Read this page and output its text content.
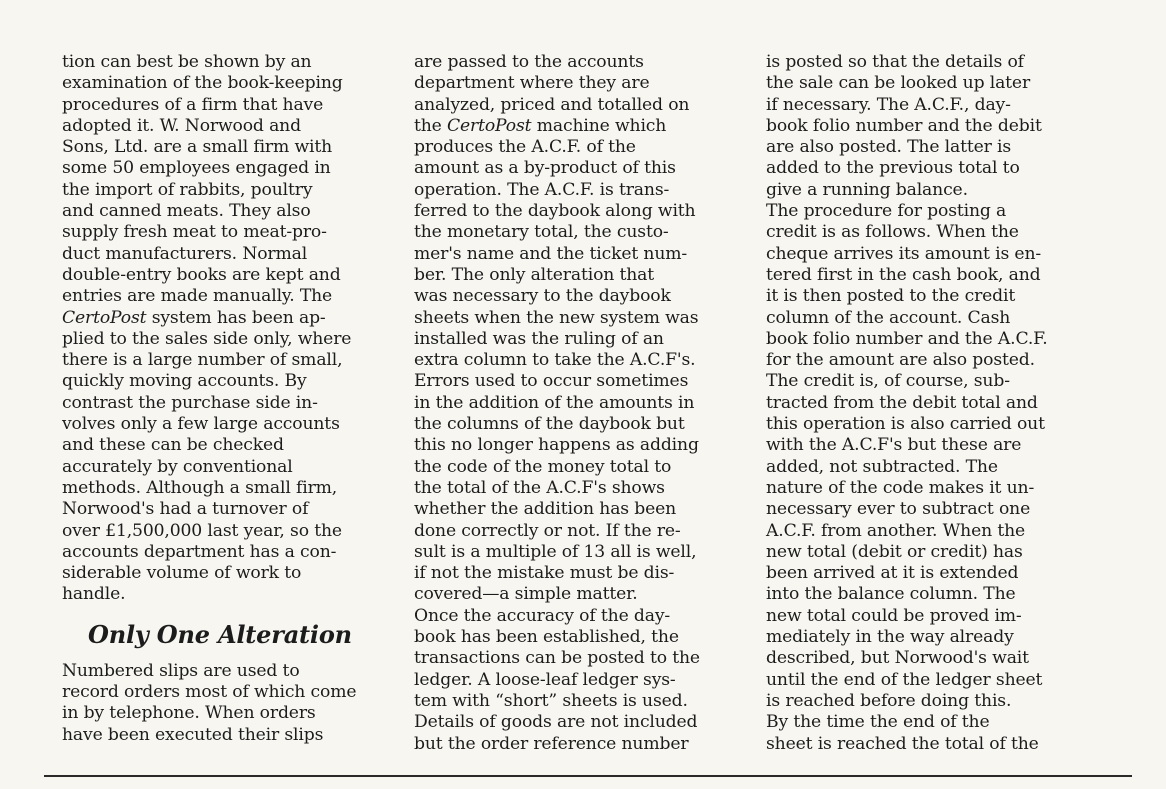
tion can best be shown by an
examination of the book-keeping
procedures of a firm that have
adopted it. W. Norwood and
Sons, Ltd. are a small firm with
some 50 employees engaged in
the import of rabbits, poultry
and canned meats. They also
supply fresh meat to meat-pro-
duct manufacturers. Normal
double-entry books are kept and
entries are made manually. The
CertoPost system has been ap-
plied to the sales side only, where
there is a large number of small,
quickly moving accounts. By
contrast the purchase side in-
volves only a few large accounts
and these can be checked
accurately by conventional
methods. Although a small firm,
Norwood's had a turnover of
over £1,500,000 last year, so the
accounts department has a con-
siderable volume of work to
handle.
Only One Alteration
Numbered slips are used to
record orders most of which come
in by telephone. When orders
have been executed their slips
are passed to the accounts
department where they are
analyzed, priced and totalled on
the CertoPost machine which
produces the A.C.F. of the
amount as a by-product of this
operation. The A.C.F. is trans-
ferred to the daybook along with
the monetary total, the custo-
mer's name and the ticket num-
ber. The only alteration that
was necessary to the daybook
sheets when the new system was
installed was the ruling of an
extra column to take the A.C.F's.
Errors used to occur sometimes
in the addition of the amounts in
the columns of the daybook but
this no longer happens as adding
the code of the money total to
the total of the A.C.F's shows
whether the addition has been
done correctly or not. If the re-
sult is a multiple of 13 all is well,
if not the mistake must be dis-
covered—a simple matter.
Once the accuracy of the day-
book has been established, the
transactions can be posted to the
ledger. A loose-leaf ledger sys-
tem with “short” sheets is used.
Details of goods are not included
but the order reference number
is posted so that the details of
the sale can be looked up later
if necessary. The A.C.F., day-
book folio number and the debit
are also posted. The latter is
added to the previous total to
give a running balance.
The procedure for posting a
credit is as follows. When the
cheque arrives its amount is en-
tered first in the cash book, and
it is then posted to the credit
column of the account. Cash
book folio number and the A.C.F.
for the amount are also posted.
The credit is, of course, sub-
tracted from the debit total and
this operation is also carried out
with the A.C.F's but these are
added, not subtracted. The
nature of the code makes it un-
necessary ever to subtract one
A.C.F. from another. When the
new total (debit or credit) has
been arrived at it is extended
into the balance column. The
new total could be proved im-
mediately in the way already
described, but Norwood's wait
until the end of the ledger sheet
is reached before doing this.
By the time the end of the
sheet is reached the total of the
